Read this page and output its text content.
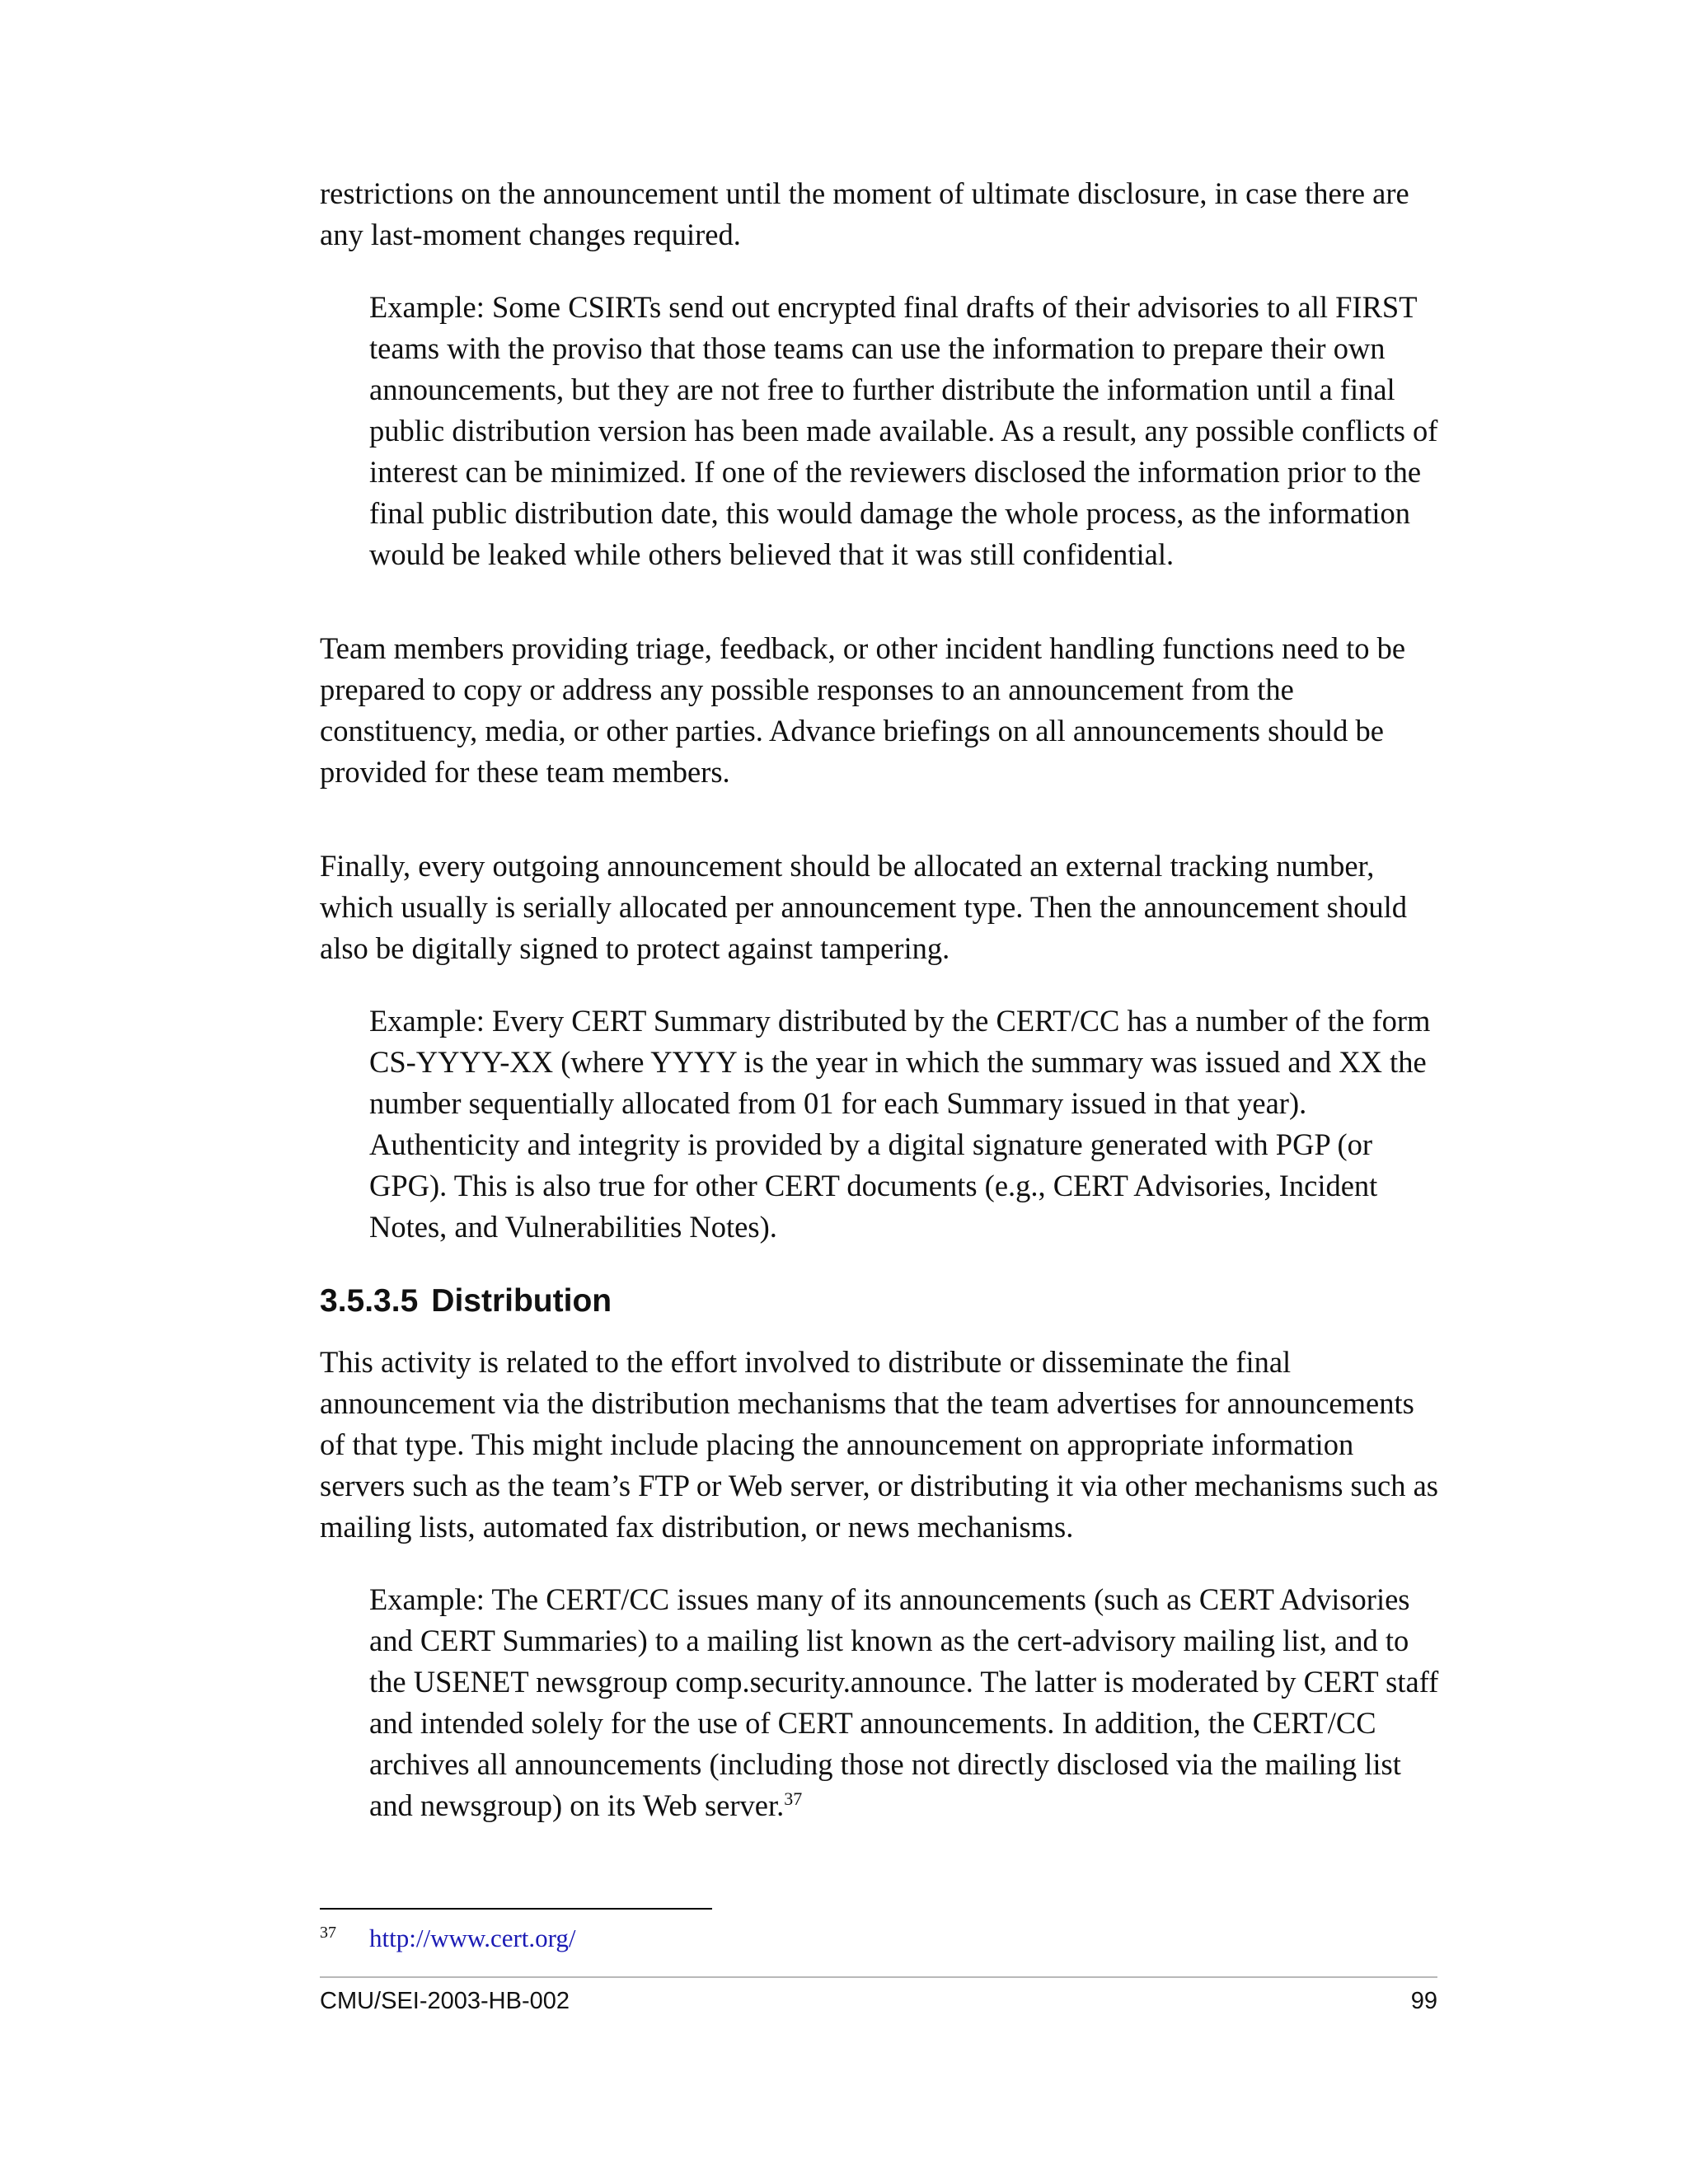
restrictions on the announcement until the moment of ultimate disclosure, in case there are any last-moment changes required.

Example: Some CSIRTs send out encrypted final drafts of their advisories to all FIRST teams with the proviso that those teams can use the information to prepare their own announcements, but they are not free to further distribute the information until a final public distribution version has been made available. As a result, any possible conflicts of interest can be minimized. If one of the reviewers disclosed the information prior to the final public distribution date, this would damage the whole process, as the information would be leaked while others believed that it was still confidential.

Team members providing triage, feedback, or other incident handling functions need to be prepared to copy or address any possible responses to an announcement from the constituency, media, or other parties. Advance briefings on all announcements should be provided for these team members.

Finally, every outgoing announcement should be allocated an external tracking number, which usually is serially allocated per announcement type. Then the announcement should also be digitally signed to protect against tampering.

Example: Every CERT Summary distributed by the CERT/CC has a number of the form CS-YYYY-XX (where YYYY is the year in which the summary was issued and XX the number sequentially allocated from 01 for each Summary issued in that year). Authenticity and integrity is provided by a digital signature generated with PGP (or GPG). This is also true for other CERT documents (e.g., CERT Advisories, Incident Notes, and Vulnerabilities Notes).

3.5.3.5 Distribution

This activity is related to the effort involved to distribute or disseminate the final announcement via the distribution mechanisms that the team advertises for announcements of that type. This might include placing the announcement on appropriate information servers such as the team’s FTP or Web server, or distributing it via other mechanisms such as mailing lists, automated fax distribution, or news mechanisms.

Example: The CERT/CC issues many of its announcements (such as CERT Advisories and CERT Summaries) to a mailing list known as the cert-advisory mailing list, and to the USENET newsgroup comp.security.announce. The latter is moderated by CERT staff and intended solely for the use of CERT announcements. In addition, the CERT/CC archives all announcements (including those not directly disclosed via the mailing list and newsgroup) on its Web server.$^{37}$

37 http://www.cert.org/
CMU/SEI-2003-HB-002	99
